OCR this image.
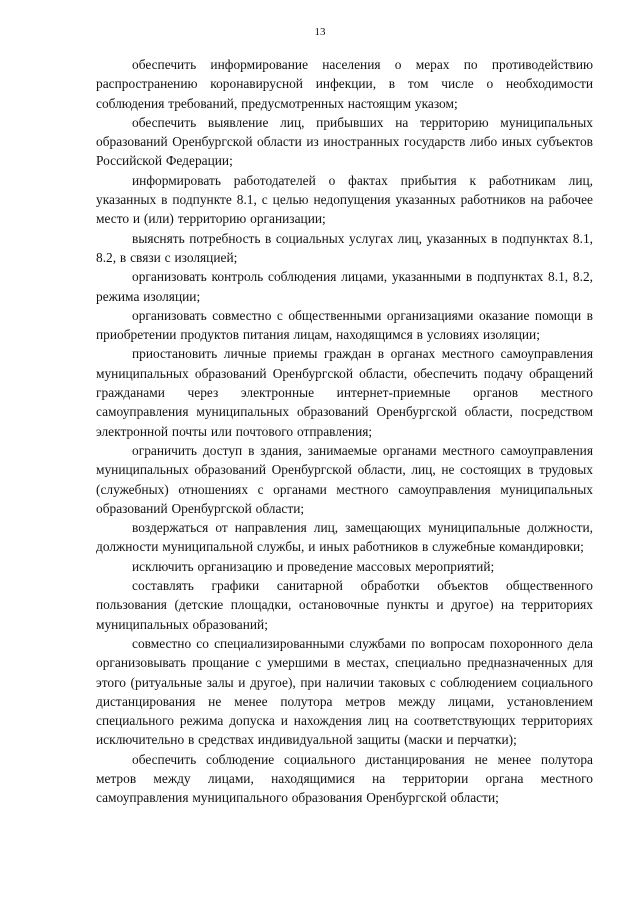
13

обеспечить информирование населения о мерах по противодействию распространению коронавирусной инфекции, в том числе о необходимости соблюдения требований, предусмотренных настоящим указом;

обеспечить выявление лиц, прибывших на территорию муниципальных образований Оренбургской области из иностранных государств либо иных субъектов Российской Федерации;

информировать работодателей о фактах прибытия к работникам лиц, указанных в подпункте 8.1, с целью недопущения указанных работников на рабочее место и (или) территорию организации;

выяснять потребность в социальных услугах лиц, указанных в подпунктах 8.1, 8.2, в связи с изоляцией;

организовать контроль соблюдения лицами, указанными в подпунктах 8.1, 8.2, режима изоляции;

организовать совместно с общественными организациями оказание помощи в приобретении продуктов питания лицам, находящимся в условиях изоляции;

приостановить личные приемы граждан в органах местного самоуправления муниципальных образований Оренбургской области, обеспечить подачу обращений гражданами через электронные интернет-приемные органов местного самоуправления муниципальных образований Оренбургской области, посредством электронной почты или почтового отправления;

ограничить доступ в здания, занимаемые органами местного самоуправления муниципальных образований Оренбургской области, лиц, не состоящих в трудовых (служебных) отношениях с органами местного самоуправления муниципальных образований Оренбургской области;

воздержаться от направления лиц, замещающих муниципальные должности, должности муниципальной службы, и иных работников в служебные командировки;

исключить организацию и проведение массовых мероприятий;

составлять графики санитарной обработки объектов общественного пользования (детские площадки, остановочные пункты и другое) на территориях муниципальных образований;

совместно со специализированными службами по вопросам похоронного дела организовывать прощание с умершими в местах, специально предназначенных для этого (ритуальные залы и другое), при наличии таковых с соблюдением социального дистанцирования не менее полутора метров между лицами, установлением специального режима допуска и нахождения лиц на соответствующих территориях исключительно в средствах индивидуальной защиты (маски и перчатки);

обеспечить соблюдение социального дистанцирования не менее полутора метров между лицами, находящимися на территории органа местного самоуправления муниципального образования Оренбургской области;
